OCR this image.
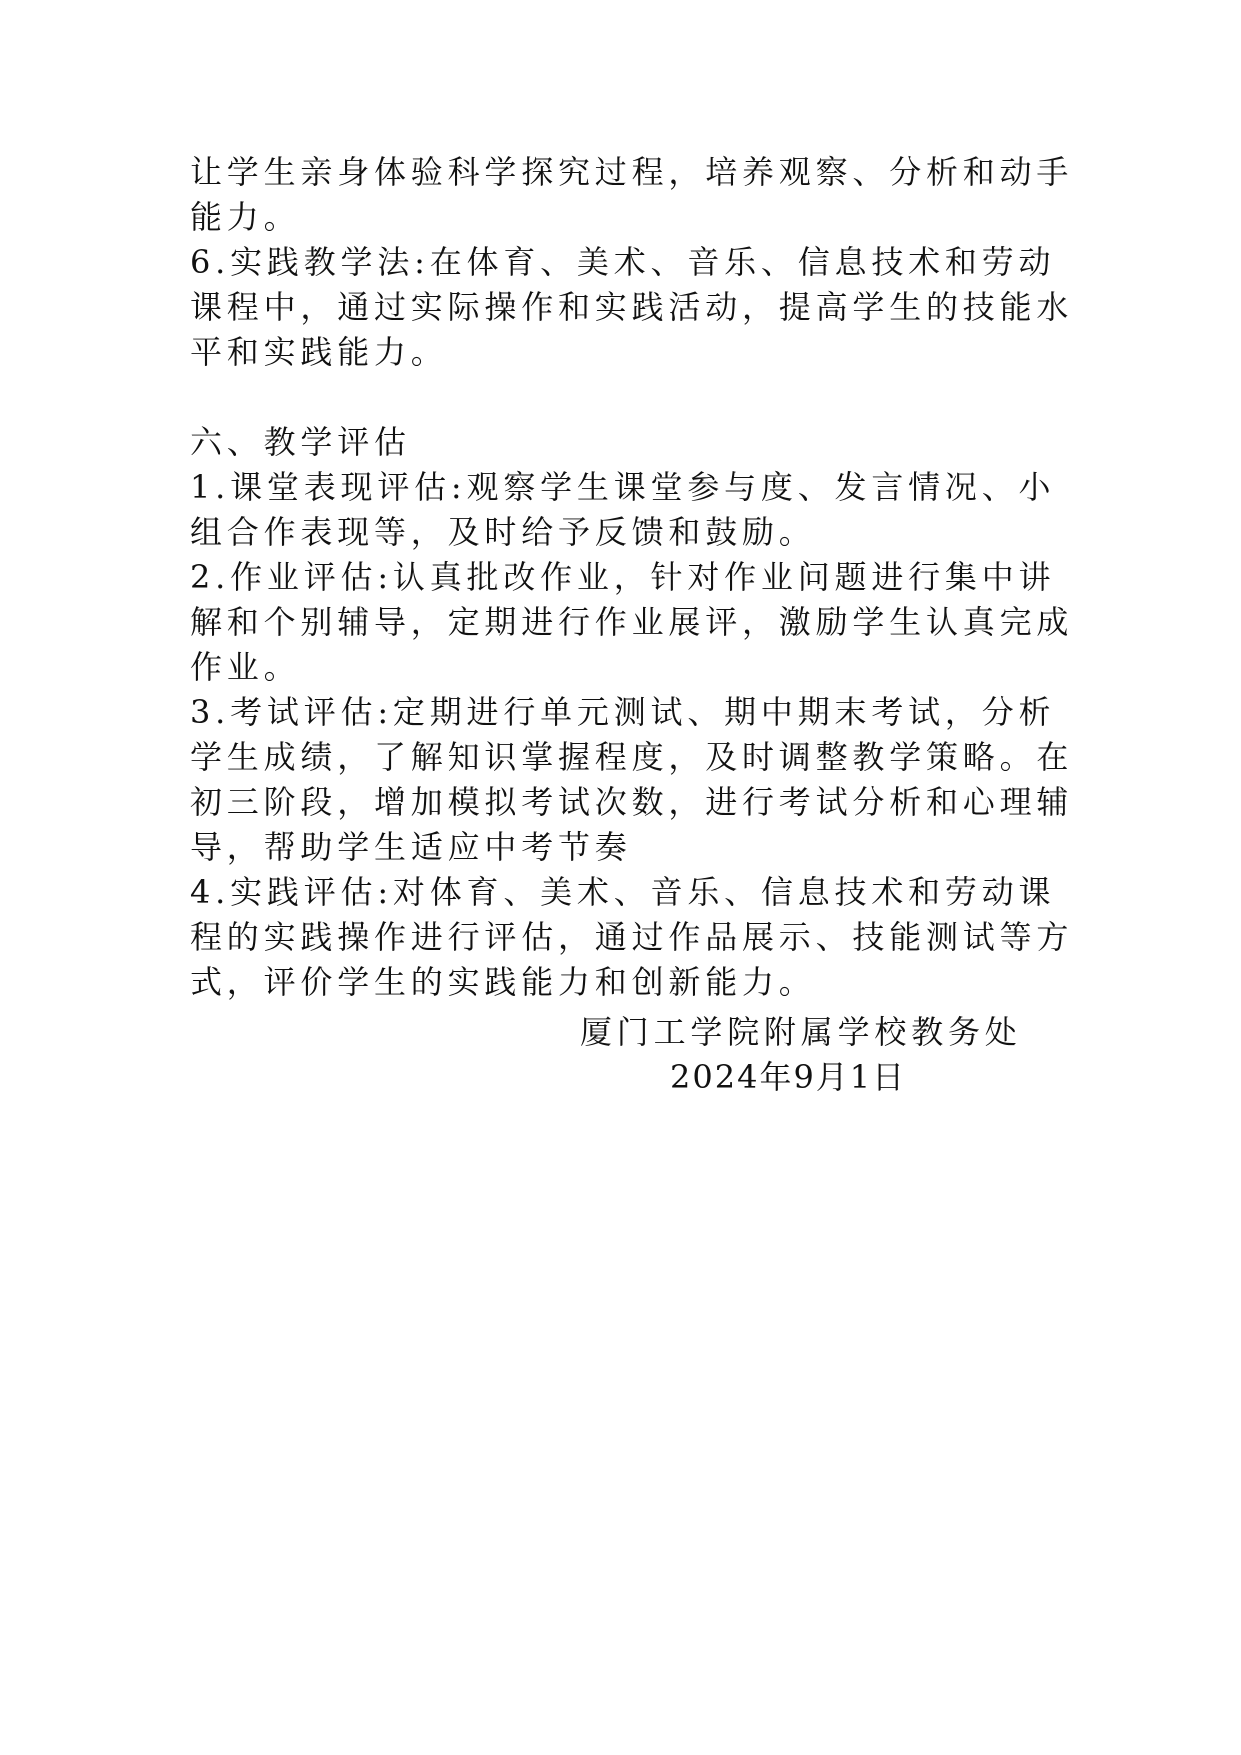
让学生亲身体验科学探究过程，培养观察、分析和动手
能力。
6.实践教学法:在体育、美术、音乐、信息技术和劳动
课程中，通过实际操作和实践活动，提高学生的技能水
平和实践能力。
六、教学评估
1.课堂表现评估:观察学生课堂参与度、发言情况、小
组合作表现等，及时给予反馈和鼓励。
2.作业评估:认真批改作业，针对作业问题进行集中讲
解和个别辅导，定期进行作业展评，激励学生认真完成
作业。
3.考试评估:定期进行单元测试、期中期末考试，分析
学生成绩，了解知识掌握程度，及时调整教学策略。在
初三阶段，增加模拟考试次数，进行考试分析和心理辅
导，帮助学生适应中考节奏
4.实践评估:对体育、美术、音乐、信息技术和劳动课
程的实践操作进行评估，通过作品展示、技能测试等方
式，评价学生的实践能力和创新能力。
厦门工学院附属学校教务处
2024年9月1日
